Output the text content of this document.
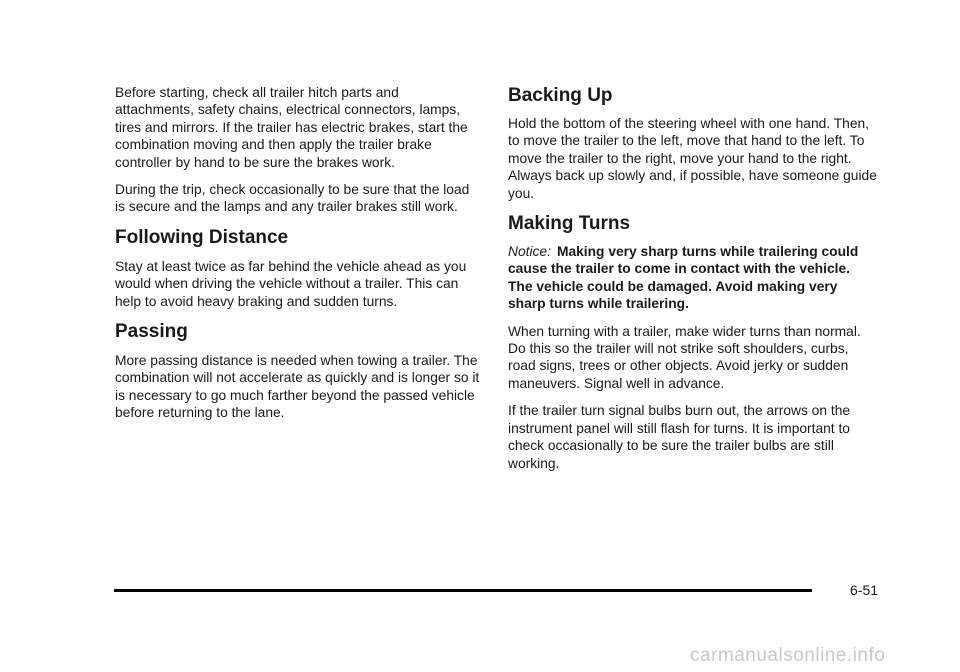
Before starting, check all trailer hitch parts and attachments, safety chains, electrical connectors, lamps, tires and mirrors. If the trailer has electric brakes, start the combination moving and then apply the trailer brake controller by hand to be sure the brakes work.

During the trip, check occasionally to be sure that the load is secure and the lamps and any trailer brakes still work.

Following Distance

Stay at least twice as far behind the vehicle ahead as you would when driving the vehicle without a trailer. This can help to avoid heavy braking and sudden turns.

Passing

More passing distance is needed when towing a trailer. The combination will not accelerate as quickly and is longer so it is necessary to go much farther beyond the passed vehicle before returning to the lane.

Backing Up

Hold the bottom of the steering wheel with one hand. Then, to move the trailer to the left, move that hand to the left. To move the trailer to the right, move your hand to the right. Always back up slowly and, if possible, have someone guide you.

Making Turns

Notice: Making very sharp turns while trailering could cause the trailer to come in contact with the vehicle. The vehicle could be damaged. Avoid making very sharp turns while trailering.

When turning with a trailer, make wider turns than normal. Do this so the trailer will not strike soft shoulders, curbs, road signs, trees or other objects. Avoid jerky or sudden maneuvers. Signal well in advance.

If the trailer turn signal bulbs burn out, the arrows on the instrument panel will still flash for turns. It is important to check occasionally to be sure the trailer bulbs are still working.

6-51
carmanualsonline.info
